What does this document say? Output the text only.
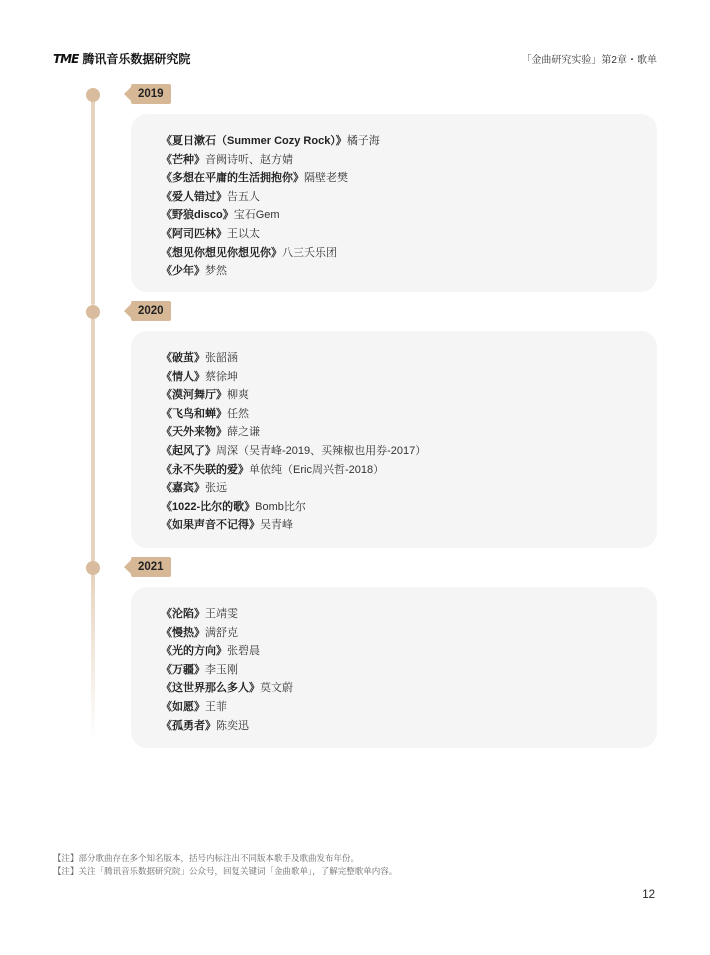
TME 腾讯音乐数据研究院	「金曲研究实验」第2章・歌单
2019
《夏日漱石（Summer Cozy Rock）》橘子海
《芒种》音阙诗听、赵方婧
《多想在平庸的生活拥抱你》隔壁老樊
《爱人错过》告五人
《野狼disco》宝石Gem
《阿司匹林》王以太
《想见你想见你想见你》八三夭乐团
《少年》梦然
2020
《破茧》张韶涵
《情人》蔡徐坤
《漠河舞厅》柳爽
《飞鸟和蝉》任然
《天外来物》薛之谦
《起风了》周深（吴青峰-2019、买辣椒也用券-2017）
《永不失联的爱》单依纯（Eric周兴哲-2018）
《嘉宾》张远
《1022-比尔的歌》Bomb比尔
《如果声音不记得》吴青峰
2021
《沦陷》王靖雯
《慢热》满舒克
《光的方向》张碧晨
《万疆》李玉刚
《这世界那么多人》莫文蔚
《如愿》王菲
《孤勇者》陈奕迅
【注】部分歌曲存在多个知名版本，括号内标注出不同版本歌手及歌曲发布年份。
【注】关注「腾讯音乐数据研究院」公众号，回复关键词「金曲歌单」，了解完整歌单内容。
12
